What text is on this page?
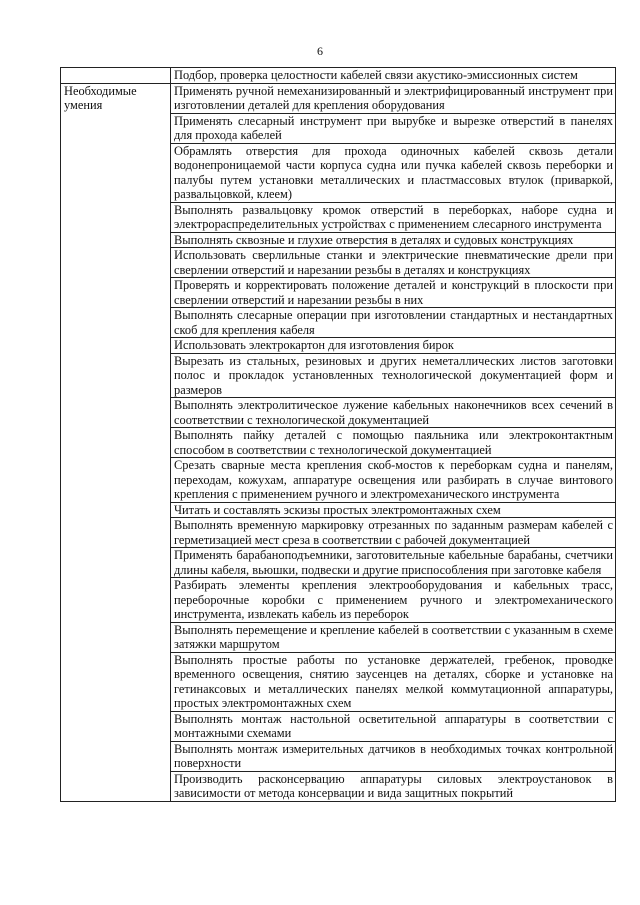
6

	Подбор, проверка целостности кабелей связи акустико-эмиссионных систем

Необходимые умения	Применять ручной немеханизированный и электрифицированный инструмент при изготовлении деталей для крепления оборудования

	Применять слесарный инструмент при вырубке и вырезке отверстий в панелях для прохода кабелей

	Обрамлять отверстия для прохода одиночных кабелей сквозь детали водонепроницаемой части корпуса судна или пучка кабелей сквозь переборки и палубы путем установки металлических и пластмассовых втулок (приваркой, развальцовкой, клеем)

	Выполнять развальцовку кромок отверстий в переборках, наборе судна и электрораспределительных устройствах с применением слесарного инструмента

	Выполнять сквозные и глухие отверстия в деталях и судовых конструкциях

	Использовать сверлильные станки и электрические пневматические дрели при сверлении отверстий и нарезании резьбы в деталях и конструкциях

	Проверять и корректировать положение деталей и конструкций в плоскости при сверлении отверстий и нарезании резьбы в них

	Выполнять слесарные операции при изготовлении стандартных и нестандартных скоб для крепления кабеля

	Использовать электрокартон для изготовления бирок

	Вырезать из стальных, резиновых и других неметаллических листов заготовки полос и прокладок установленных технологической документацией форм и размеров

	Выполнять электролитическое лужение кабельных наконечников всех сечений в соответствии с технологической документацией

	Выполнять пайку деталей с помощью паяльника или электроконтактным способом в соответствии с технологической документацией

	Срезать сварные места крепления скоб-мостов к переборкам судна и панелям, переходам, кожухам, аппаратуре освещения или разбирать в случае винтового крепления с применением ручного и электромеханического инструмента

	Читать и составлять эскизы простых электромонтажных схем

	Выполнять временную маркировку отрезанных по заданным размерам кабелей с герметизацией мест среза в соответствии с рабочей документацией

	Применять барабаноподъемники, заготовительные кабельные барабаны, счетчики длины кабеля, вьюшки, подвески и другие приспособления при заготовке кабеля

	Разбирать элементы крепления электрооборудования и кабельных трасс, переборочные коробки с применением ручного и электромеханического инструмента, извлекать кабель из переборок

	Выполнять перемещение и крепление кабелей в соответствии с указанным в схеме затяжки маршрутом

	Выполнять простые работы по установке держателей, гребенок, проводке временного освещения, снятию заусенцев на деталях, сборке и установке на гетинаксовых и металлических панелях мелкой коммутационной аппаратуры, простых электромонтажных схем

	Выполнять монтаж настольной осветительной аппаратуры в соответствии с монтажными схемами

	Выполнять монтаж измерительных датчиков в необходимых точках контрольной поверхности

	Производить расконсервацию аппаратуры силовых электроустановок в зависимости от метода консервации и вида защитных покрытий
